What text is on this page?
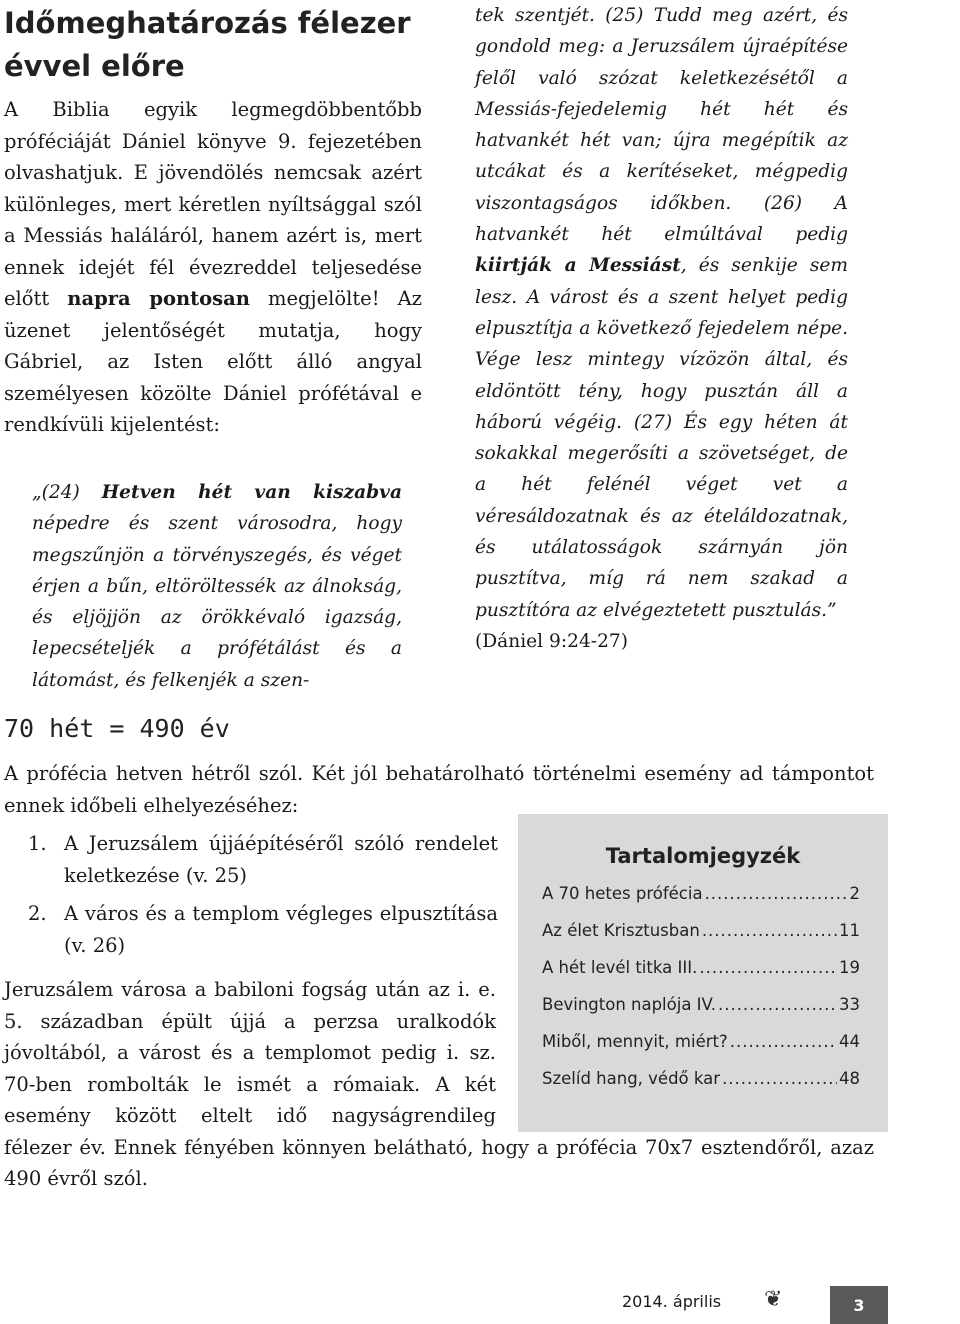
Időmeghatározás félezer évvel előre

A Biblia egyik legmegdöbbentőbb próféciáját Dániel könyve 9. fejezetében olvashatjuk. E jövendölés nemcsak azért különleges, mert kéretlen nyíltsággal szól a Messiás haláláról, hanem azért is, mert ennek idejét fél évezreddel teljesedése előtt napra pontosan megjelölte! Az üzenet jelentőségét mutatja, hogy Gábriel, az Isten előtt álló angyal személyesen közölte Dániel prófétával e rendkívüli kijelentést:

„(24) Hetven hét van kiszabva népedre és szent városodra, hogy megszűnjön a törvényszegés, és véget érjen a bűn, eltöröltessék az álnokság, és eljöjjön az örökkévaló igazság, lepecsételjék a prófétálást és a látomást, és felkenjék a szen-

tek szentjét. (25) Tudd meg azért, és gondold meg: a Jeruzsálem újraépítése felől való szózat keletkezésétől a Messiás-fejedelemig hét hét és hatvankét hét van; újra megépítik az utcákat és a kerítéseket, mégpedig viszontagságos időkben. (26) A hatvankét hét elmúltával pedig kiirtják a Messiást, és senkije sem lesz. A várost és a szent helyet pedig elpusztítja a következő fejedelem népe. Vége lesz mintegy vízözön által, és eldöntött tény, hogy pusztán áll a háború végéig. (27) És egy héten át sokakkal megerősíti a szövetséget, de a hét felénél véget vet a véresáldozatnak és az ételáldozatnak, és utálatosságok szárnyán jön pusztítva, míg rá nem szakad a pusztítóra az elvégeztetett pusztulás.”
(Dániel 9:24-27)

70 hét = 490 év

A prófécia hetven hétről szól. Két jól behatárolható történelmi esemény ad támpontot ennek időbeli elhelyezéséhez:

1. A Jeruzsálem újjáépítéséről szóló rendelet keletkezése (v. 25)
2. A város és a templom végleges elpusztítása (v. 26)
Jeruzsálem városa a babiloni fogság után az i. e. 5. században épült újjá a perzsa uralkodók jóvoltából, a várost és a templomot pedig i. sz. 70-ben rombolták le ismét a rómaiak. A két esemény között eltelt idő nagyságrendileg félezer év. Ennek fényében könnyen belátható, hogy a prófécia 70x7 esztendőről, azaz 490 évről szól.
Tartalomjegyzék
A 70 hetes prófécia .....	2
Az élet Krisztusban .....	11
A hét levél titka III. .....	19
Bevington naplója IV. .....	33
Miből, mennyit, miért? .....	44
Szelíd hang, védő kar .....	48
2014. április ❦	3
